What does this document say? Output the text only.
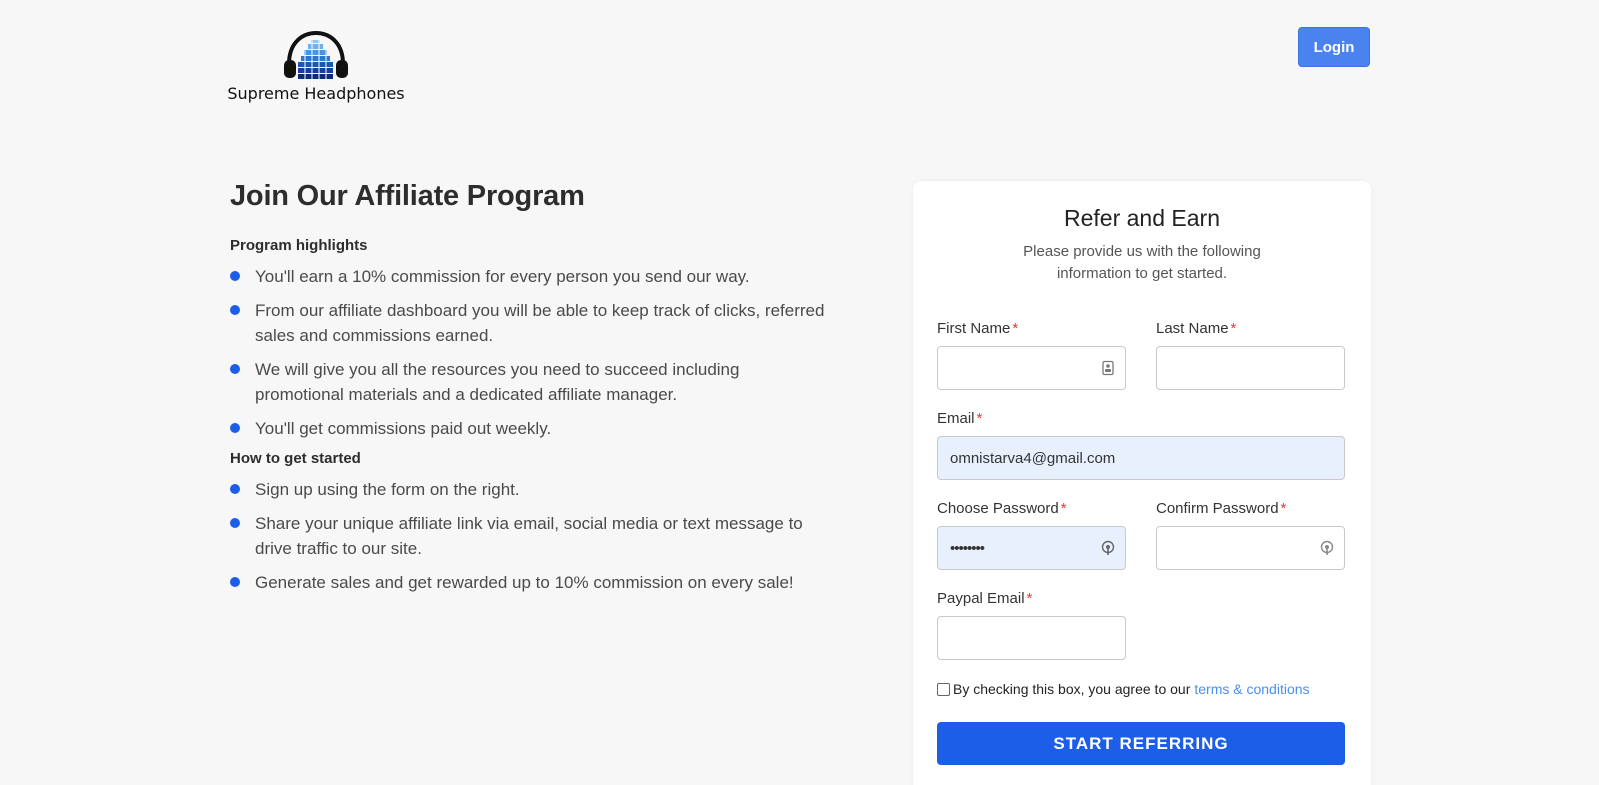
Supreme Headphones
Login
Join Our Affiliate Program
Program highlights
You'll earn a 10% commission for every person you send our way.
From our affiliate dashboard you will be able to keep track of clicks, referred sales and commissions earned.
We will give you all the resources you need to succeed including promotional materials and a dedicated affiliate manager.
You'll get commissions paid out weekly.
How to get started
Sign up using the form on the right.
Share your unique affiliate link via email, social media or text message to drive traffic to our site.
Generate sales and get rewarded up to 10% commission on every sale!
Refer and Earn
Please provide us with the following information to get started.
First Name *	Last Name *
Email *
omnistarva4@gmail.com
Choose Password *
••••••••
Confirm Password *
Paypal Email *
By checking this box, you agree to our terms & conditions
START REFERRING
